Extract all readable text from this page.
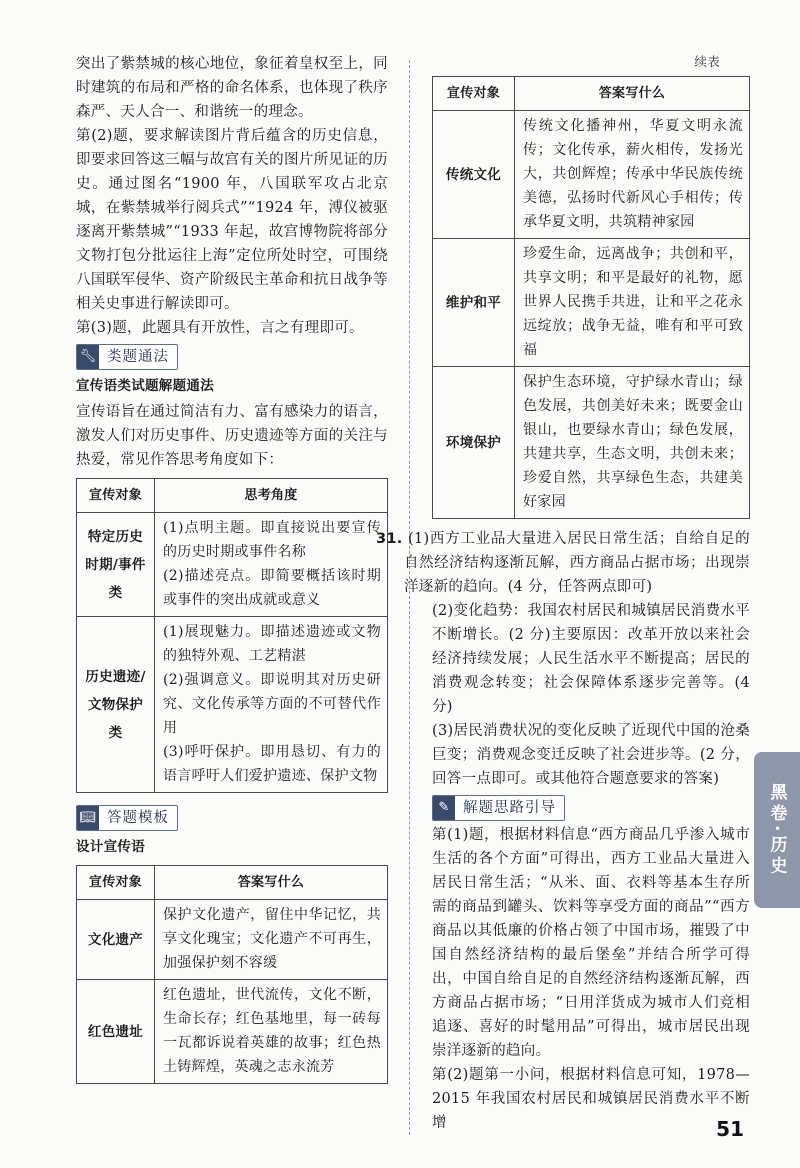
突出了紫禁城的核心地位，象征着皇权至上，同时建筑的布局和严格的命名体系，也体现了秩序森严、天人合一、和谐统一的理念。

第(2)题，要求解读图片背后蕴含的历史信息，即要求回答这三幅与故宫有关的图片所见证的历史。通过图名“1900 年，八国联军攻占北京城，在紫禁城举行阅兵式”“1924 年，溥仪被驱逐离开紫禁城”“1933 年起，故宫博物院将部分文物打包分批运往上海”定位所处时空，可围绕八国联军侵华、资产阶级民主革命和抗日战争等相关史事进行解读即可。

第(3)题，此题具有开放性，言之有理即可。

🔧︎ 类题通法
宣传语类试题解题通法

宣传语旨在通过简洁有力、富有感染力的语言，激发人们对历史事件、历史遗迹等方面的关注与热爱，常见作答思考角度如下：

宣传对象	思考角度
特定历史时期/事件类	(1)点明主题。即直接说出要宣传的历史时期或事件名称
(2)描述亮点。即简要概括该时期或事件的突出成就或意义
历史遗迹/文物保护类	(1)展现魅力。即描述遗迹或文物的独特外观、工艺精湛
(2)强调意义。即说明其对历史研究、文化传承等方面的不可替代作用
(3)呼吁保护。即用恳切、有力的语言呼吁人们爱护遗迹、保护文物
📖︎ 答题模板
设计宣传语
宣传对象	答案写什么
文化遗产	保护文化遗产，留住中华记忆，共享文化瑰宝；文化遗产不可再生，加强保护刻不容缓
红色遗址	红色遗址，世代流传，文化不断，生命长存；红色基地里，每一砖每一瓦都诉说着英雄的故事；红色热土铸辉煌，英魂之志永流芳
续表
宣传对象	答案写什么
传统文化	传统文化播神州，华夏文明永流传；文化传承，薪火相传，发扬光大，共创辉煌；传承中华民族传统美德，弘扬时代新风心手相传；传承华夏文明，共筑精神家园
维护和平	珍爱生命，远离战争；共创和平，共享文明；和平是最好的礼物，愿世界人民携手共进，让和平之花永远绽放；战争无益，唯有和平可致福
环境保护	保护生态环境，守护绿水青山；绿色发展，共创美好未来；既要金山银山，也要绿水青山；绿色发展，共建共享，生态文明，共创未来；珍爱自然，共享绿色生态，共建美好家园

31. (1)西方工业品大量进入居民日常生活；自给自足的自然经济结构逐渐瓦解，西方商品占据市场；出现崇洋逐新的趋向。(4 分，任答两点即可)

(2)变化趋势：我国农村居民和城镇居民消费水平不断增长。(2 分)主要原因：改革开放以来社会经济持续发展；人民生活水平不断提高；居民的消费观念转变；社会保障体系逐步完善等。(4 分)

(3)居民消费状况的变化反映了近现代中国的沧桑巨变；消费观念变迁反映了社会进步等。(2 分，回答一点即可。或其他符合题意要求的答案)

✎ 解题思路引导

第(1)题，根据材料信息“西方商品几乎渗入城市生活的各个方面”可得出，西方工业品大量进入居民日常生活；“从米、面、衣料等基本生存所需的商品到罐头、饮料等享受方面的商品”“西方商品以其低廉的价格占领了中国市场，摧毁了中国自然经济结构的最后堡垒”并结合所学可得出，中国自给自足的自然经济结构逐渐瓦解，西方商品占据市场；“日用洋货成为城市人们竞相追逐、喜好的时髦用品”可得出，城市居民出现崇洋逐新的趋向。

第(2)题第一小问，根据材料信息可知，1978—2015 年我国农村居民和城镇居民消费水平不断增

黑卷·历史
51
